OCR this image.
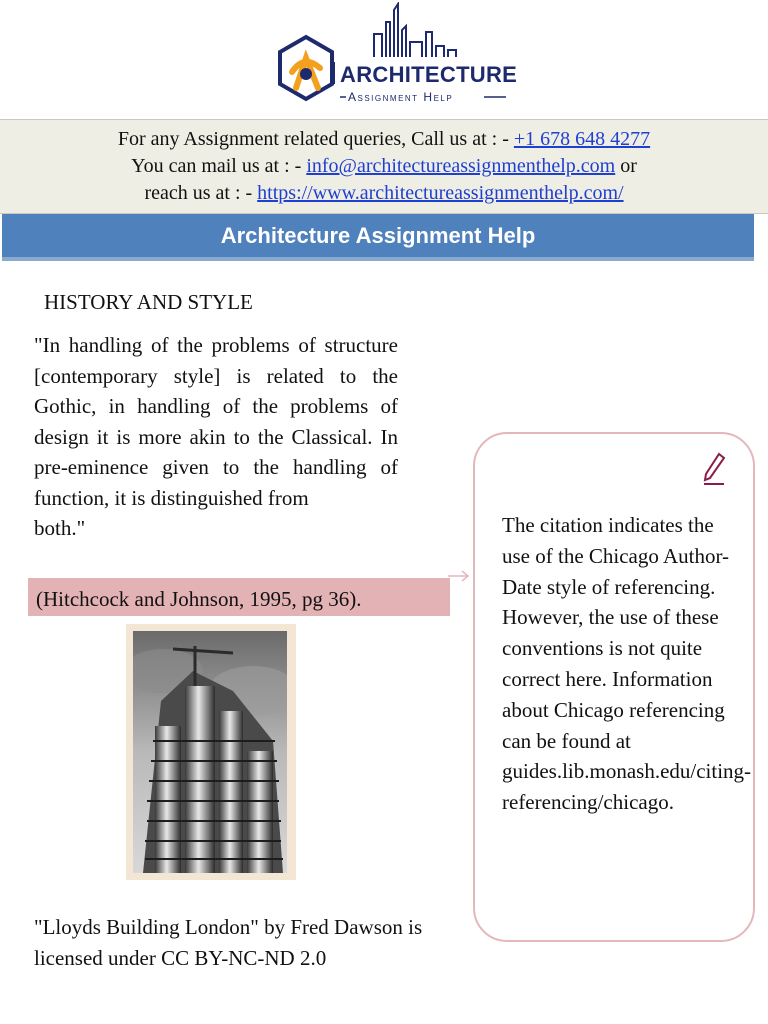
ARCHITECTURE
Assignment Help
For any Assignment related queries, Call us at : - +1 678 648 4277
You can mail us at : - info@architectureassignmenthelp.com or
reach us at : - https://www.architectureassignmenthelp.com/
Architecture Assignment Help
HISTORY AND STYLE
"In handling of the problems of structure [contemporary style] is related to the Gothic, in handling of the problems of design it is more akin to the Classical. In pre-eminence given to the handling of function, it is distinguished from
both."
(Hitchcock and Johnson, 1995, pg 36).
"Lloyds Building London" by Fred Dawson is licensed under CC BY-NC-ND 2.0
The citation indicates the use of the Chicago Author-Date style of referencing. However, the use of these conventions is not quite correct here. Information about Chicago referencing can be found at guides.lib.monash.edu/citing-referencing/chicago.
